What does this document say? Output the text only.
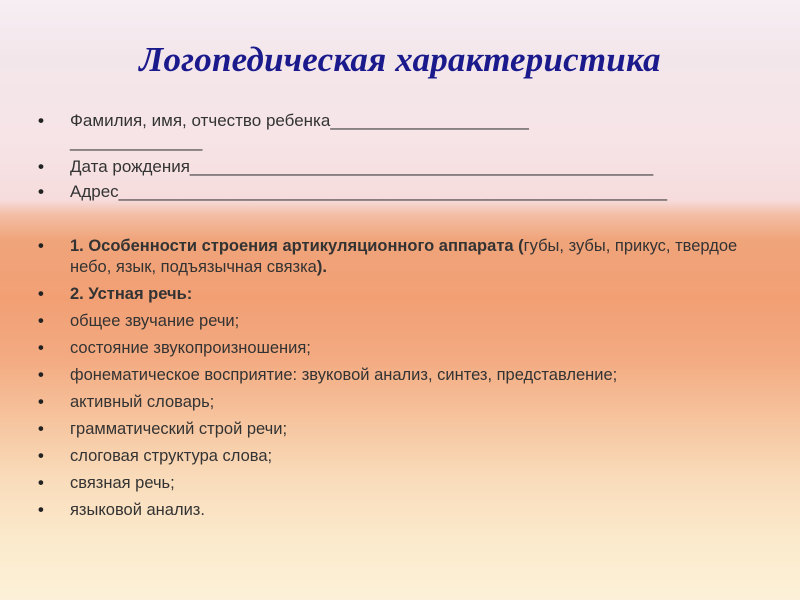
Логопедическая характеристика
• Фамилия, имя, отчество ребенка___________________________________
• Дата рождения_________________________________________________
• Адрес__________________________________________________________
• 1. Особенности строения артикуляционного аппарата (губы, зубы, прикус, твердое небо, язык, подъязычная связка).
• 2. Устная речь:
• общее звучание речи;
• состояние звукопроизношения;
• фонематическое восприятие: звуковой анализ, синтез, представление;
• активный словарь;
• грамматический строй речи;
• слоговая структура слова;
• связная речь;
• языковой анализ.
